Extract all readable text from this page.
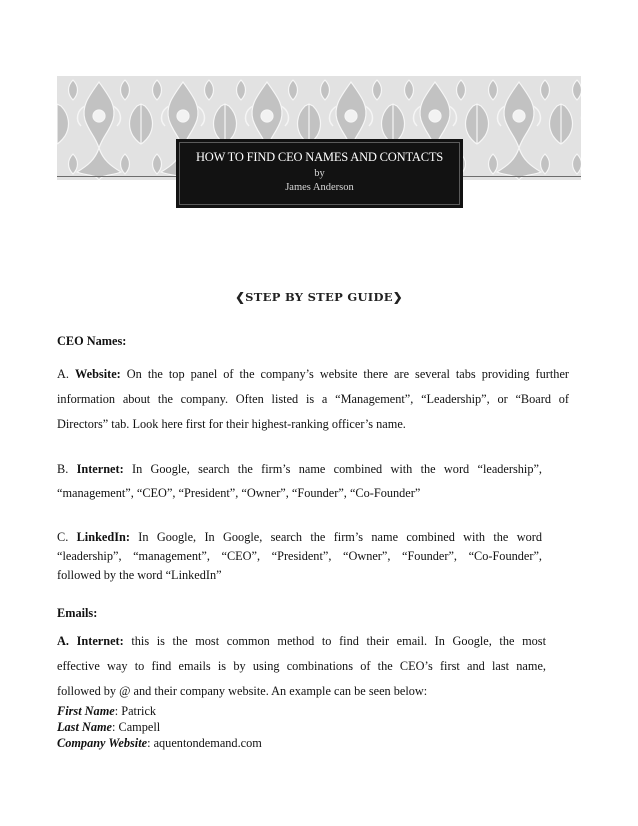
HOW TO FIND CEO NAMES AND CONTACTS
by
James Anderson
❮STEP BY STEP GUIDE❯
CEO Names:
A. Website: On the top panel of the company’s website there are several tabs providing further
information about the company. Often listed is a “Management”, “Leadership”, or “Board of
Directors” tab. Look here first for their highest-ranking officer’s name.
B. Internet: In Google, search the firm’s name combined with the word “leadership”,
“management”, “CEO”, “President”, “Owner”, “Founder”, “Co-Founder”
C. LinkedIn: In Google, In Google, search the firm’s name combined with the word
“leadership”, “management”, “CEO”, “President”, “Owner”, “Founder”, “Co-Founder”,
followed by the word “LinkedIn”
Emails:
A. Internet: this is the most common method to find their email. In Google, the most
effective way to find emails is by using combinations of the CEO’s first and last name,
followed by @ and their company website. An example can be seen below:
First Name: Patrick
Last Name: Campell
Company Website: aquentondemand.com
